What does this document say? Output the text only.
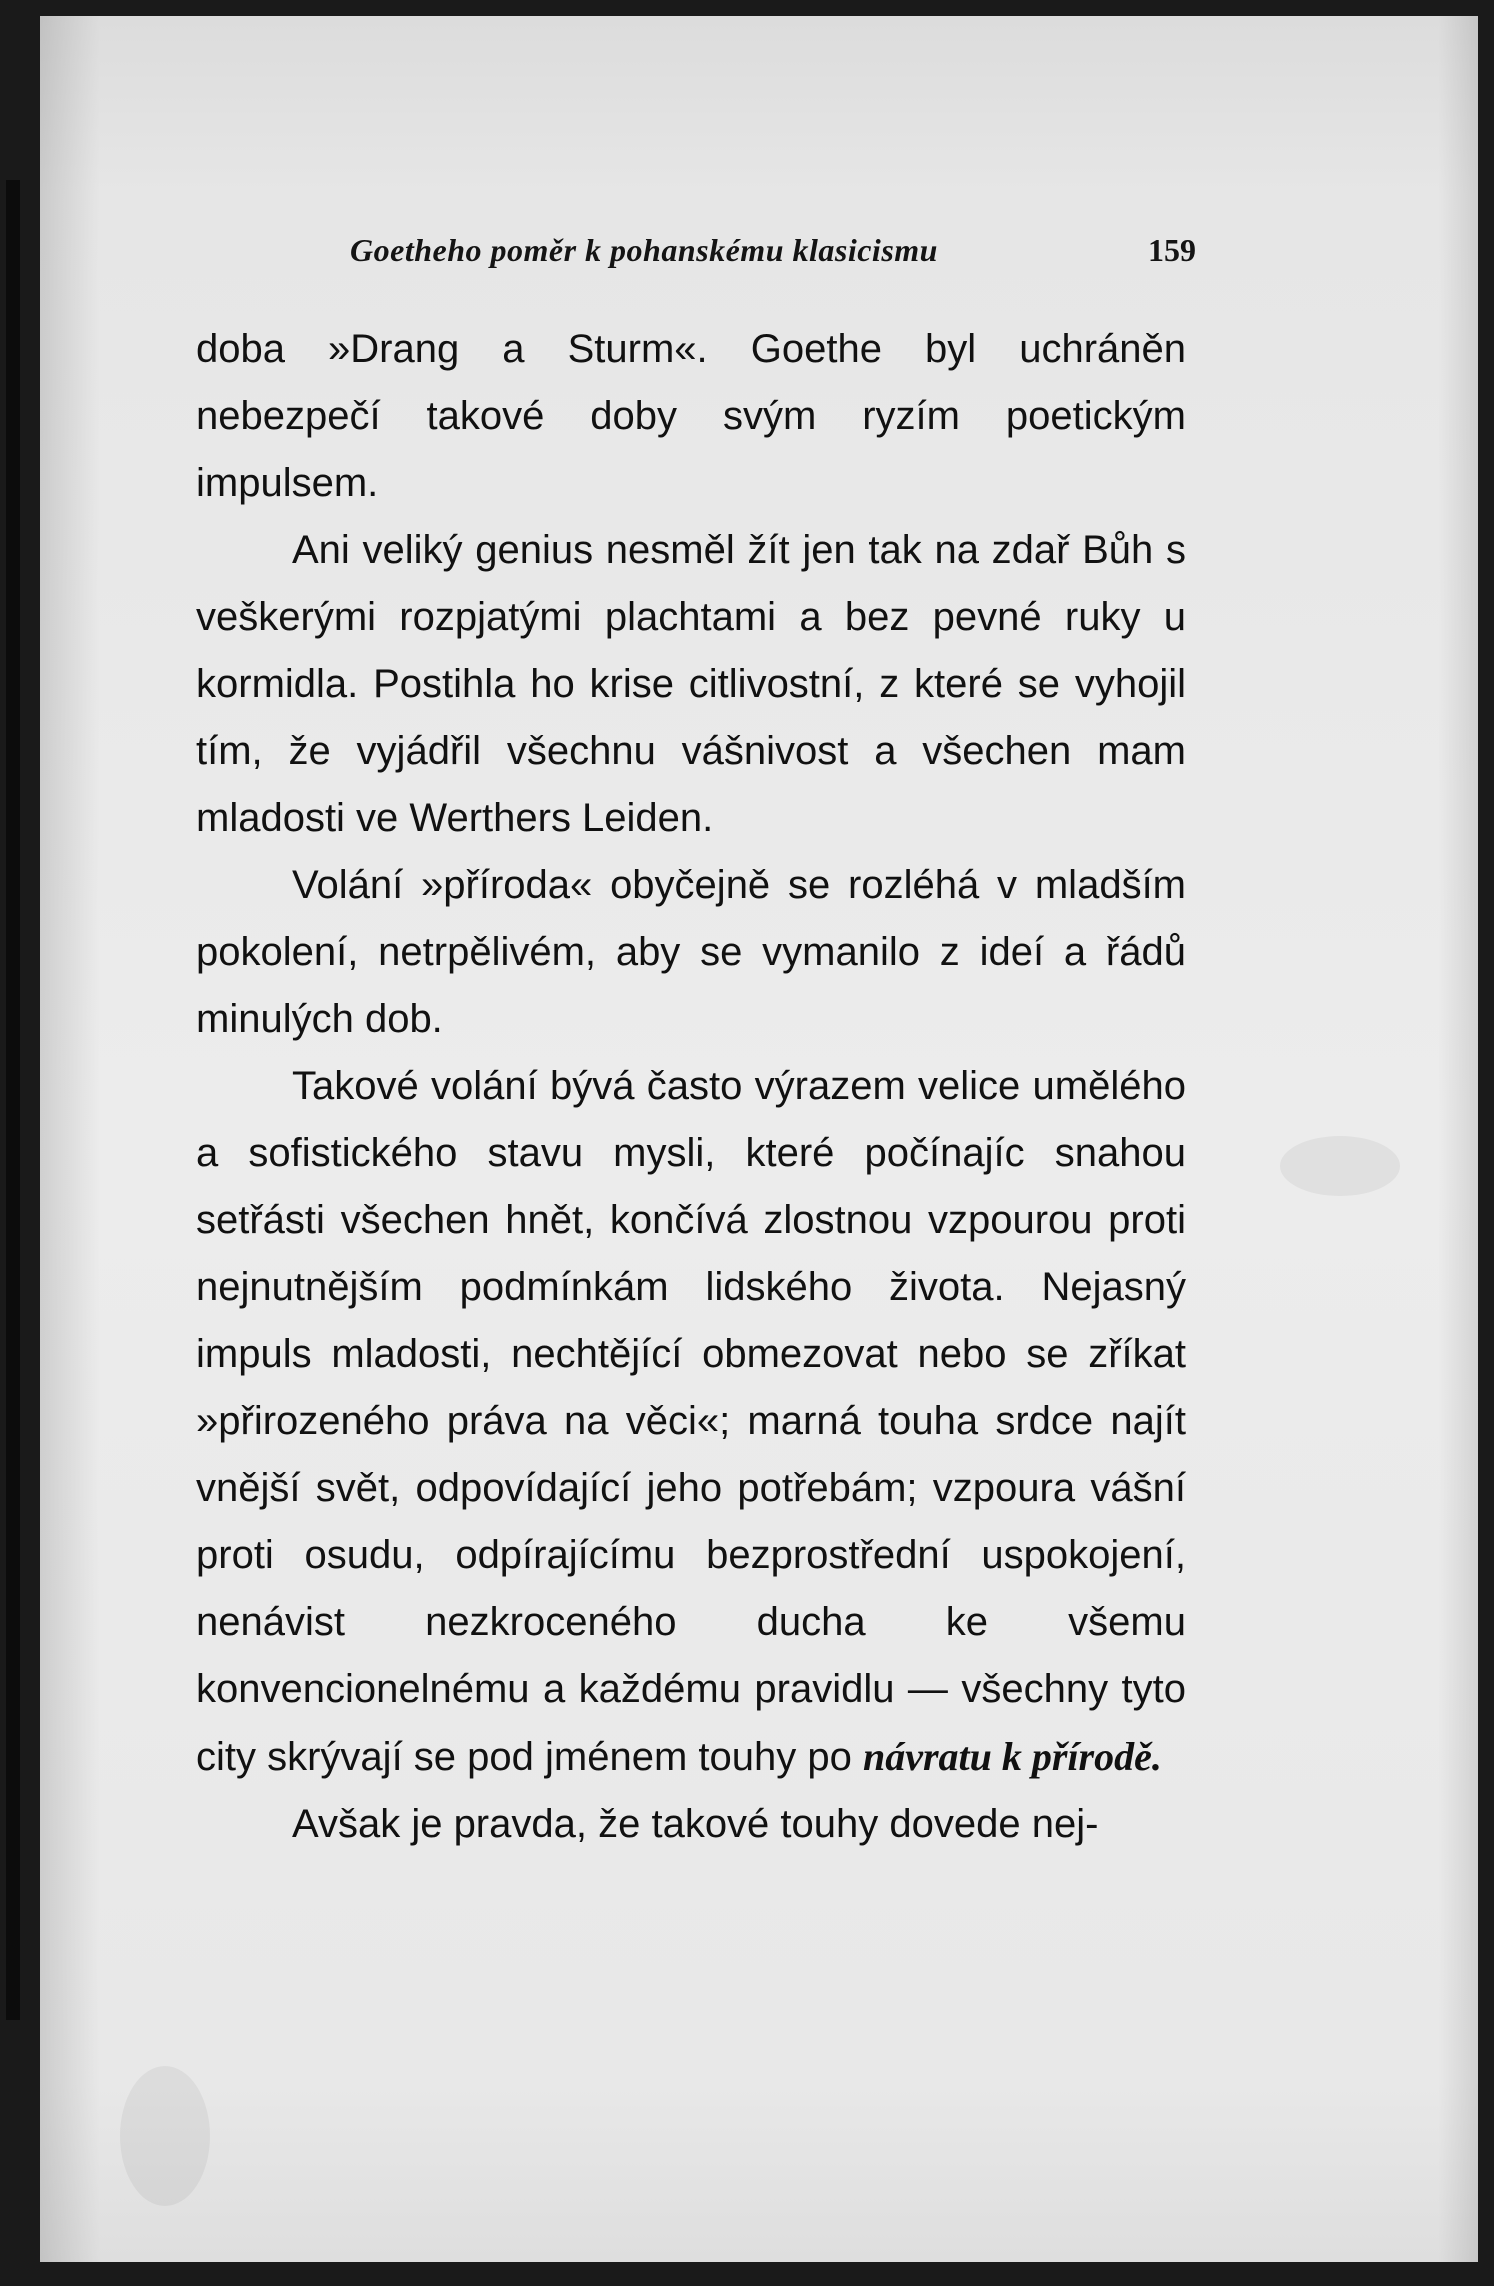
Goetheho poměr k pohanskému klasicismu	159

doba »Drang a Sturm«. Goethe byl uchráněn nebezpečí takové doby svým ryzím poetickým impulsem.

Ani veliký genius nesměl žít jen tak na zdař Bůh s veškerými rozpjatými plachtami a bez pevné ruky u kormidla. Postihla ho krise citlivostní, z které se vyhojil tím, že vyjádřil všechnu vášnivost a všechen mam mladosti ve Werthers Leiden.

Volání »příroda« obyčejně se rozléhá v mladším pokolení, netrpělivém, aby se vymanilo z ideí a řádů minulých dob.

Takové volání bývá často výrazem velice umělého a sofistického stavu mysli, které počínajíc snahou setřásti všechen hnět, končívá zlostnou vzpourou proti nejnutnějším podmínkám lidského života. Nejasný impuls mladosti, nechtějící obmezovat nebo se zříkat »přirozeného práva na věci«; marná touha srdce najít vnější svět, odpovídající jeho potřebám; vzpoura vášní proti osudu, odpírajícímu bezprostřední uspokojení, nenávist nezkroceného ducha ke všemu konvencionelnému a každému pravidlu — všechny tyto city skrývají se pod jménem touhy po návratu k přírodě.

Avšak je pravda, že takové touhy dovede nej-
